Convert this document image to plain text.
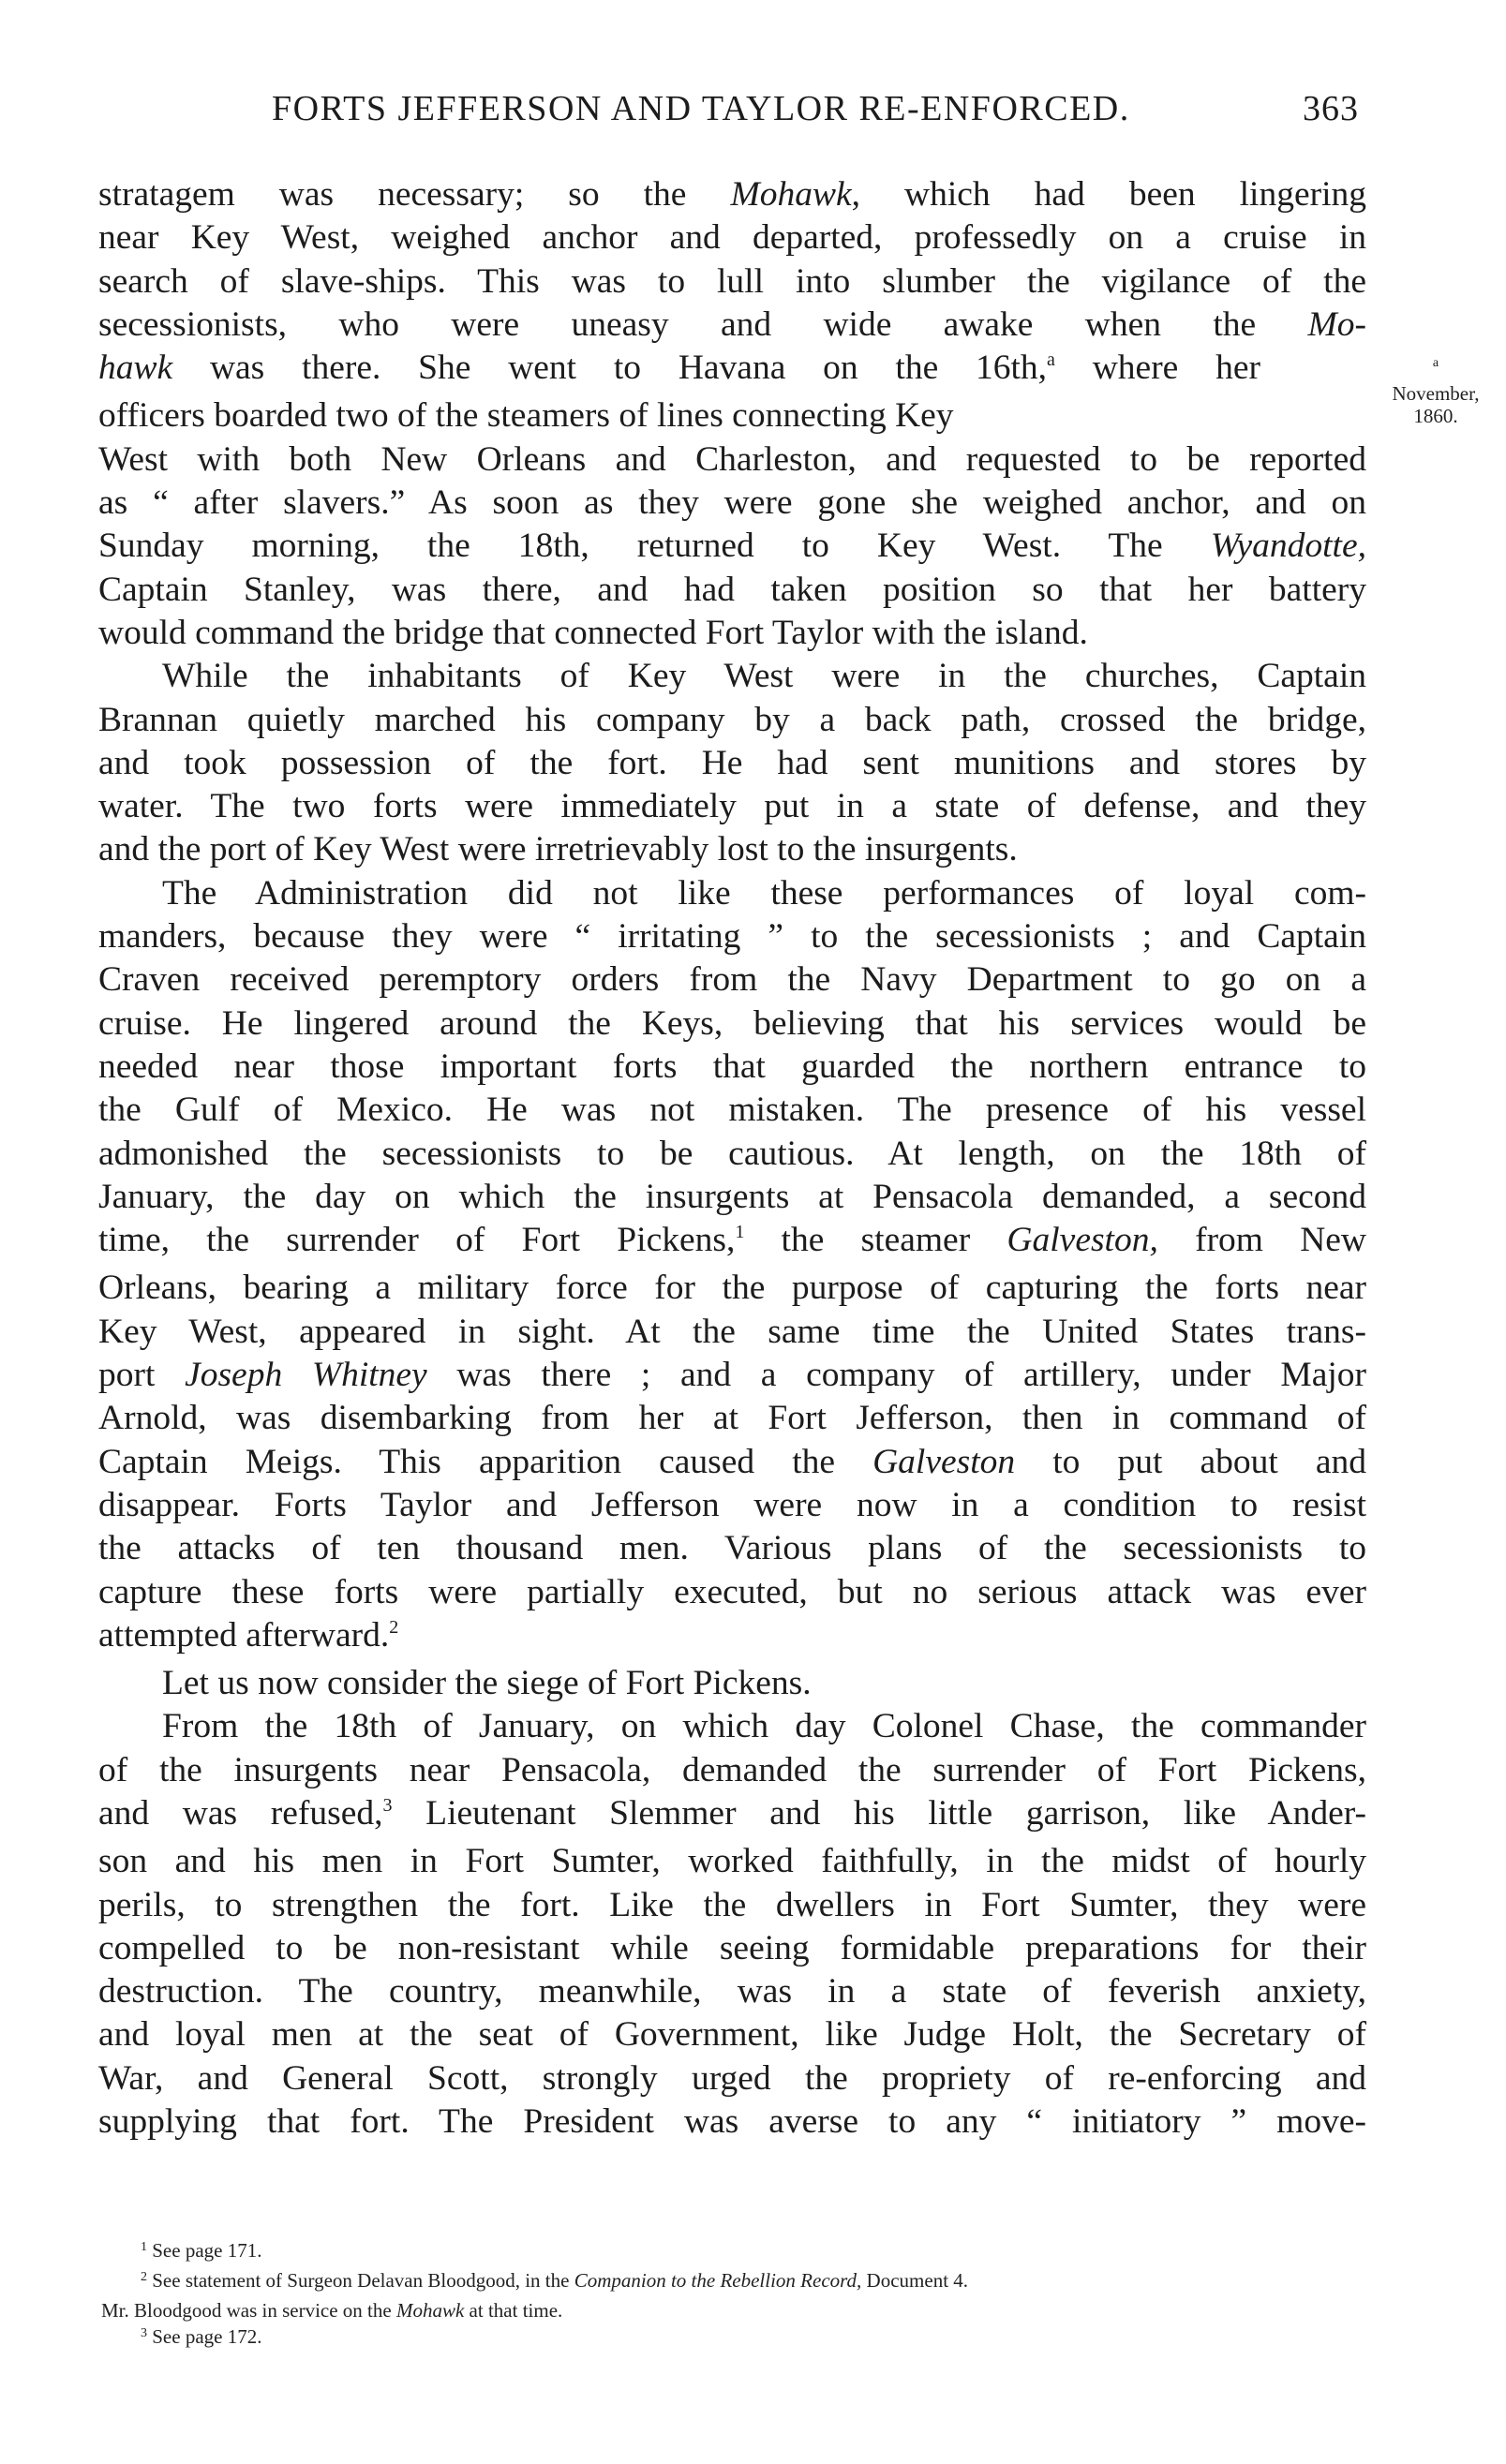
FORTS JEFFERSON AND TAYLOR RE-ENFORCED.	363
$^a$ November,
1860.
stratagem was necessary; so the Mohawk, which had been lingering
near Key West, weighed anchor and departed, professedly on a cruise in
search of slave-ships. This was to lull into slumber the vigilance of the
secessionists, who were uneasy and wide awake when the Mo-
hawk was there. She went to Havana on the 16th,$^a$ where her
officers boarded two of the steamers of lines connecting Key
West with both New Orleans and Charleston, and requested to be reported
as “ after slavers.” As soon as they were gone she weighed anchor, and on
Sunday morning, the 18th, returned to Key West. The Wyandotte,
Captain Stanley, was there, and had taken position so that her battery
would command the bridge that connected Fort Taylor with the island.
While the inhabitants of Key West were in the churches, Captain
Brannan quietly marched his company by a back path, crossed the bridge,
and took possession of the fort. He had sent munitions and stores by
water. The two forts were immediately put in a state of defense, and they
and the port of Key West were irretrievably lost to the insurgents.
The Administration did not like these performances of loyal com-
manders, because they were “ irritating ” to the secessionists ; and Captain
Craven received peremptory orders from the Navy Department to go on a
cruise. He lingered around the Keys, believing that his services would be
needed near those important forts that guarded the northern entrance to
the Gulf of Mexico. He was not mistaken. The presence of his vessel
admonished the secessionists to be cautious. At length, on the 18th of
January, the day on which the insurgents at Pensacola demanded, a second
time, the surrender of Fort Pickens,$^1$ the steamer Galveston, from New
Orleans, bearing a military force for the purpose of capturing the forts near
Key West, appeared in sight. At the same time the United States trans-
port Joseph Whitney was there ; and a company of artillery, under Major
Arnold, was disembarking from her at Fort Jefferson, then in command of
Captain Meigs. This apparition caused the Galveston to put about and
disappear. Forts Taylor and Jefferson were now in a condition to resist
the attacks of ten thousand men. Various plans of the secessionists to
capture these forts were partially executed, but no serious attack was ever
attempted afterward.$^2$
Let us now consider the siege of Fort Pickens.
From the 18th of January, on which day Colonel Chase, the commander
of the insurgents near Pensacola, demanded the surrender of Fort Pickens,
and was refused,$^3$ Lieutenant Slemmer and his little garrison, like Ander-
son and his men in Fort Sumter, worked faithfully, in the midst of hourly
perils, to strengthen the fort. Like the dwellers in Fort Sumter, they were
compelled to be non-resistant while seeing formidable preparations for their
destruction. The country, meanwhile, was in a state of feverish anxiety,
and loyal men at the seat of Government, like Judge Holt, the Secretary of
War, and General Scott, strongly urged the propriety of re-enforcing and
supplying that fort. The President was averse to any “ initiatory ” move-
$^1$ See page 171.
$^2$ See statement of Surgeon Delavan Bloodgood, in the Companion to the Rebellion Record, Document 4.
Mr. Bloodgood was in service on the Mohawk at that time.
$^3$ See page 172.
